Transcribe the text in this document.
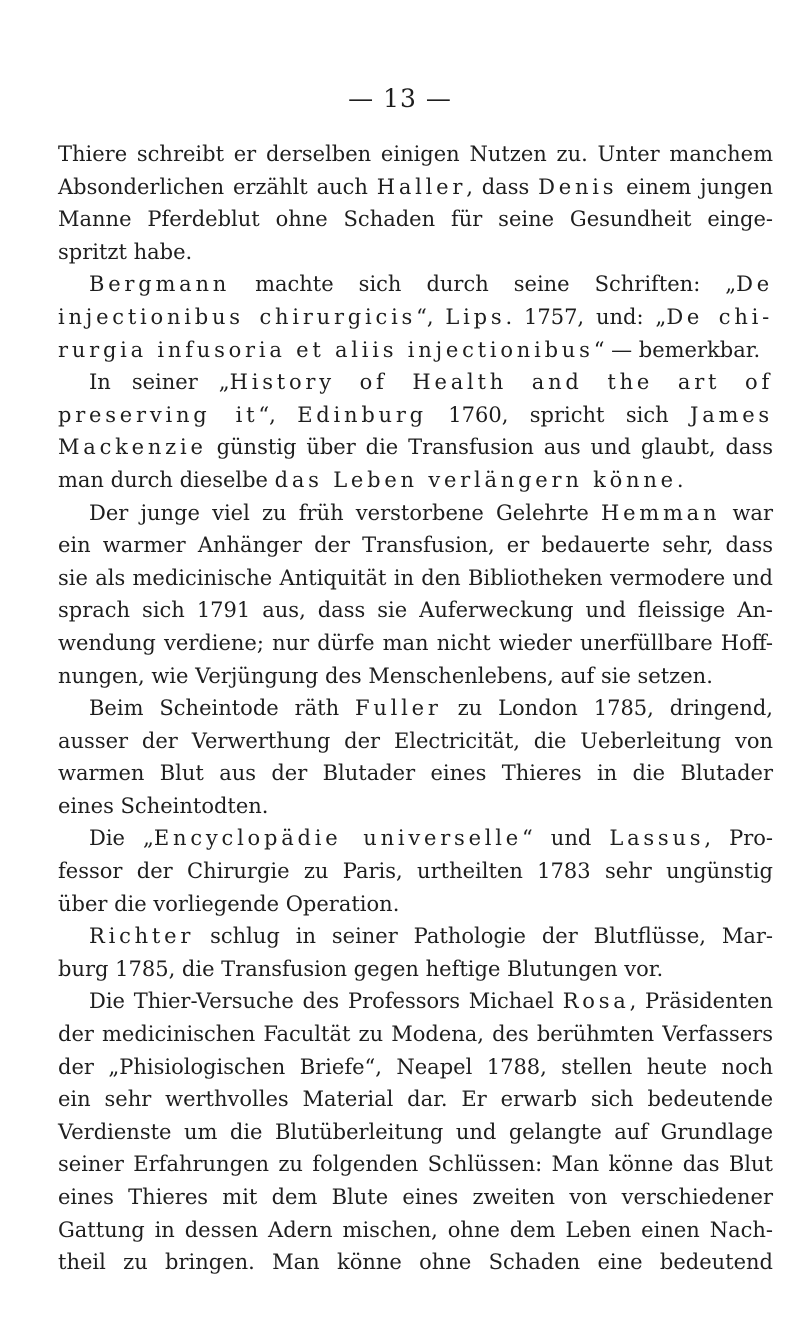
— 13 —
Thiere schreibt er derselben einigen Nutzen zu. Unter manchem
Absonderlichen erzählt auch Haller, dass Denis einem jungen
Manne Pferdeblut ohne Schaden für seine Gesundheit einge-
spritzt habe.
Bergmann machte sich durch seine Schriften: „De
injectionibus chirurgicis“, Lips. 1757, und: „De chi-
rurgia infusoria et aliis injectionibus“ — bemerkbar.
In seiner „History of Health and the art of
preserving it“, Edinburg 1760, spricht sich James
Mackenzie günstig über die Transfusion aus und glaubt, dass
man durch dieselbe das Leben verlängern könne.
Der junge viel zu früh verstorbene Gelehrte Hemman war
ein warmer Anhänger der Transfusion, er bedauerte sehr, dass
sie als medicinische Antiquität in den Bibliotheken vermodere und
sprach sich 1791 aus, dass sie Auferweckung und fleissige An-
wendung verdiene; nur dürfe man nicht wieder unerfüllbare Hoff-
nungen, wie Verjüngung des Menschenlebens, auf sie setzen.
Beim Scheintode räth Fuller zu London 1785, dringend,
ausser der Verwerthung der Electricität, die Ueberleitung von
warmen Blut aus der Blutader eines Thieres in die Blutader
eines Scheintodten.
Die „Encyclopädie universelle“ und Lassus, Pro-
fessor der Chirurgie zu Paris, urtheilten 1783 sehr ungünstig
über die vorliegende Operation.
Richter schlug in seiner Pathologie der Blutflüsse, Mar-
burg 1785, die Transfusion gegen heftige Blutungen vor.
Die Thier-Versuche des Professors Michael Rosa, Präsidenten
der medicinischen Facultät zu Modena, des berühmten Verfassers
der „Phisiologischen Briefe“, Neapel 1788, stellen heute noch
ein sehr werthvolles Material dar. Er erwarb sich bedeutende
Verdienste um die Blutüberleitung und gelangte auf Grundlage
seiner Erfahrungen zu folgenden Schlüssen: Man könne das Blut
eines Thieres mit dem Blute eines zweiten von verschiedener
Gattung in dessen Adern mischen, ohne dem Leben einen Nach-
theil zu bringen. Man könne ohne Schaden eine bedeutend
